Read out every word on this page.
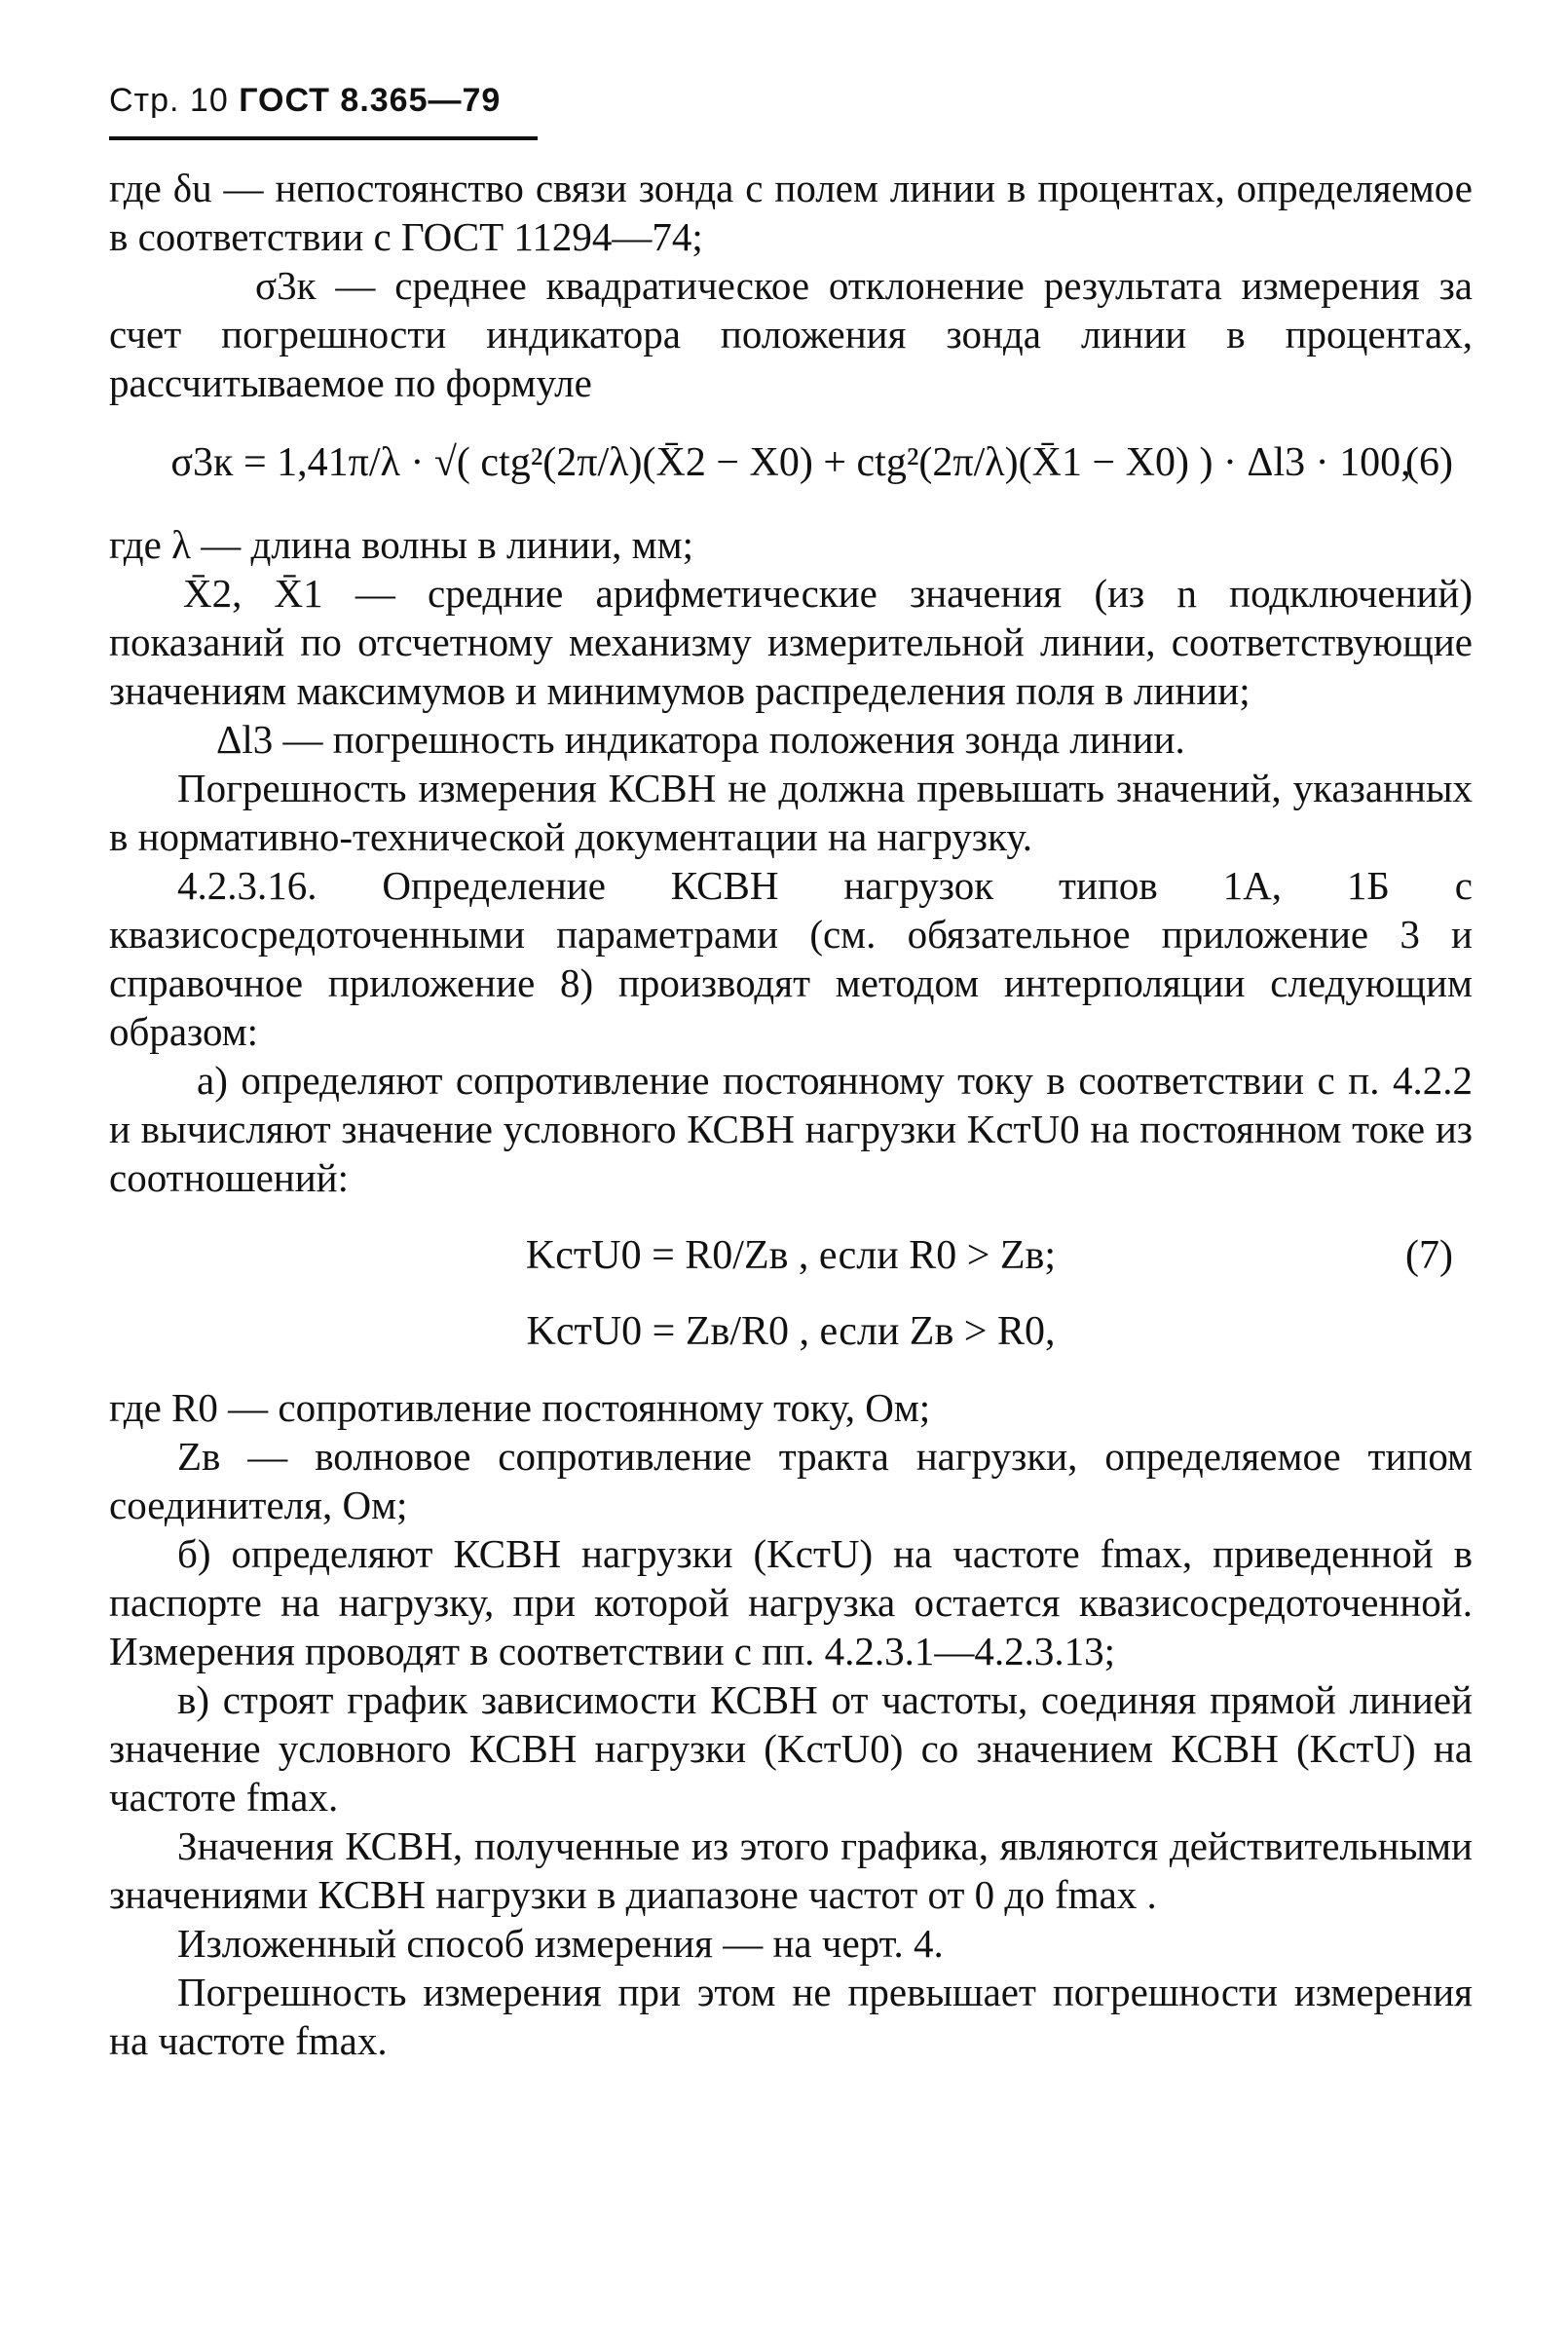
Стр. 10 ГОСТ 8.365—79

где δu — непостоянство связи зонда с полем линии в процентах, определяемое в соответствии с ГОСТ 11294—74;

σ3к — среднее квадратическое отклонение результата измерения за счет погрешности индикатора положения зонда линии в процентах, рассчитываемое по формуле

σ3к = 1,41π/λ · √( ctg²(2π/λ)(X̄2 − X0) + ctg²(2π/λ)(X̄1 − X0) ) · Δl3 · 100,
(6)

где λ — длина волны в линии, мм;

X̄2, X̄1 — средние арифметические значения (из n подключений) показаний по отсчетному механизму измерительной линии, соответствующие значениям максимумов и минимумов распределения поля в линии;

Δl3 — погрешность индикатора положения зонда линии.

Погрешность измерения КСВН не должна превышать значений, указанных в нормативно-технической документации на нагрузку.

4.2.3.16. Определение КСВН нагрузок типов 1А, 1Б с квазисосредоточенными параметрами (см. обязательное приложение 3 и справочное приложение 8) производят методом интерполяции следующим образом:

а) определяют сопротивление постоянному току в соответствии с п. 4.2.2 и вычисляют значение условного КСВН нагрузки KстU0 на постоянном токе из соотношений:

KстU0 = R0/Zв , если R0 > Zв;	(7)
KстU0 = Zв/R0 , если Zв > R0,

где R0 — сопротивление постоянному току, Ом;

Zв — волновое сопротивление тракта нагрузки, определяемое типом соединителя, Ом;

б) определяют КСВН нагрузки (KстU) на частоте fmax, приведенной в паспорте на нагрузку, при которой нагрузка остается квазисосредоточенной. Измерения проводят в соответствии с пп. 4.2.3.1—4.2.3.13;

в) строят график зависимости КСВН от частоты, соединяя прямой линией значение условного КСВН нагрузки (KстU0) со значением КСВН (KстU) на частоте fmax.

Значения КСВН, полученные из этого графика, являются действительными значениями КСВН нагрузки в диапазоне частот от 0 до fmax .

Изложенный способ измерения — на черт. 4.

Погрешность измерения при этом не превышает погрешности измерения на частоте fmax.
